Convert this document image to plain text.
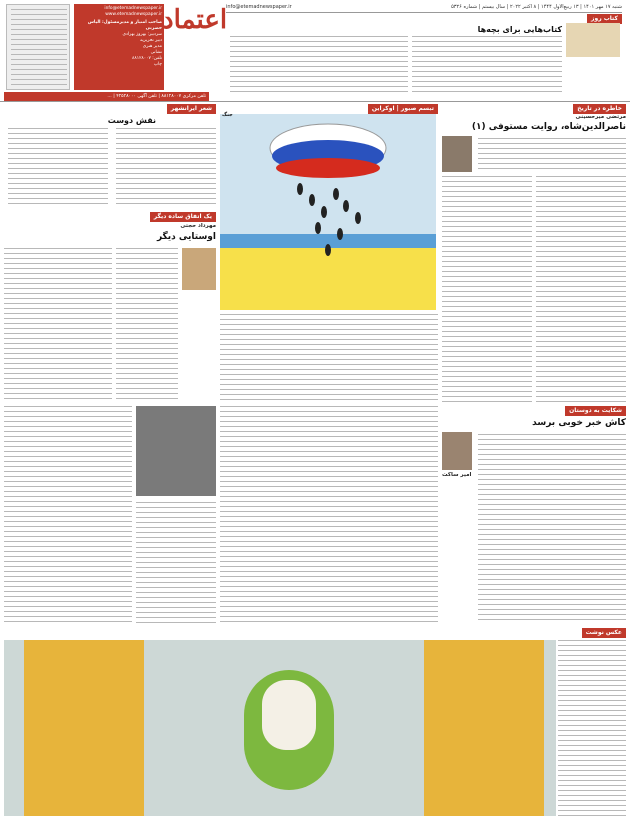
شنبه ۱۷ مهر ۱۴۰۱ | ۱۳ ربیع‌الاول ۱۴۴۴ | ۸ اکتبر ۲۰۲۲ | سال بیستم | شماره ۵۳۲۶
info@etemadnewspaper.ir
info@etemadnewspaper.ir
www.etemadnewspaper.ir
صاحب امتیاز و مدیرمسئول: الیاس حضرتی
سردبیر: بهروز بهزادی
دبیر تحریریه
مدیر هنری
نشانی
تلفن: ۸۸۱۲۸۰۰۷
چاپ
اعتماد	کتاب روز
کتاب‌هایی برای بچه‌ها
تلفن مرکزی ۸۸۱۲۸۰۰۷ | تلفن آگهی ۴۲۵۲۸۰۰۰ | ...
خاطره در تاریخ
مرتضی میرحسینی
ناصرالدین‌شاه، روایت مستوفی (۱)
تبسم صبور | اوکراین
جنگ
شعر ایرانشهر
نقش دوست
یک اتفاق ساده دیگر
مهرداد حجتی
اوستایی دیگر
شکایت به دوستان
کاش خبر خوبی برسد
امیر ساکت
عکس نوشت
